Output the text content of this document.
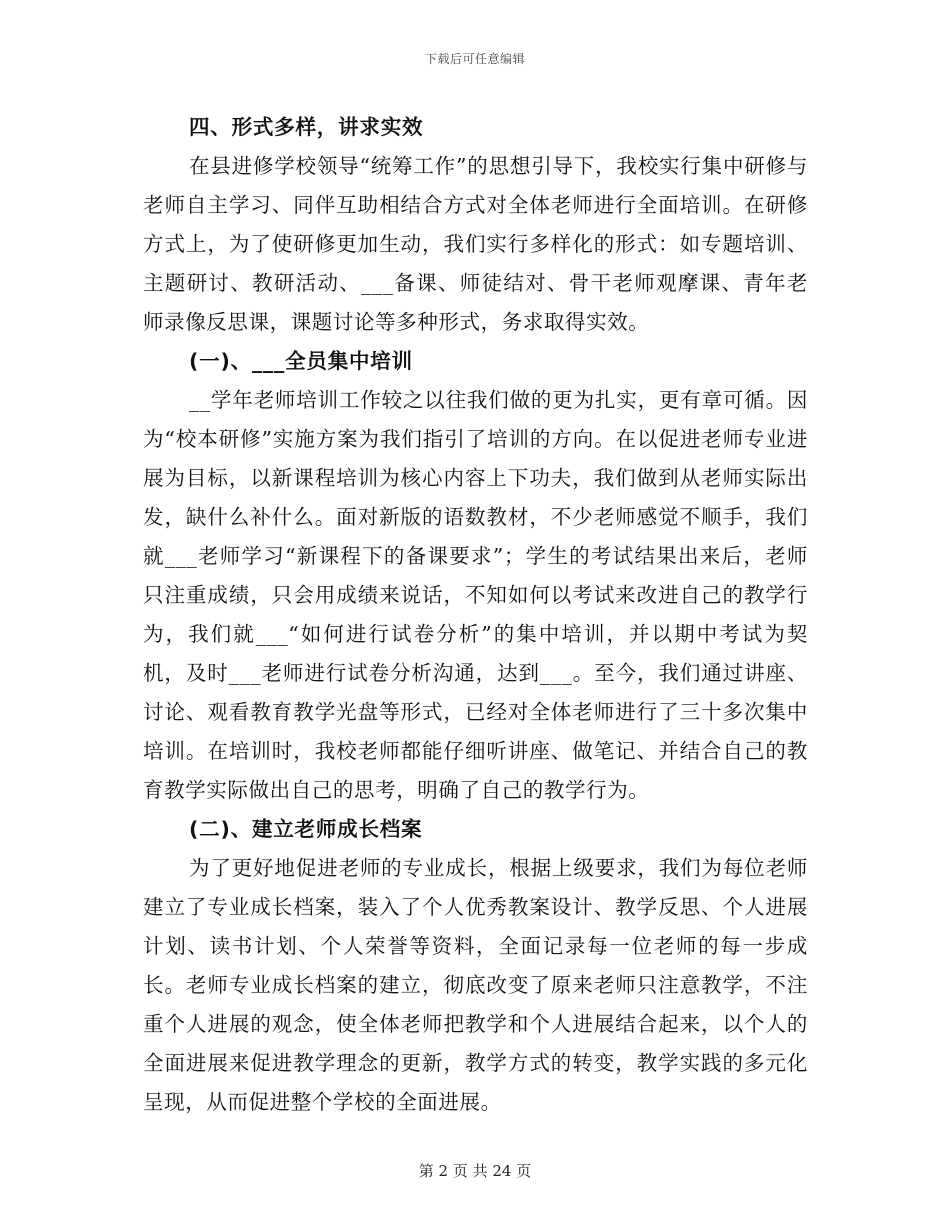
下载后可任意编辑
四、形式多样，讲求实效

在县进修学校领导“统筹工作”的思想引导下，我校实行集中研修与老师自主学习、同伴互助相结合方式对全体老师进行全面培训。在研修方式上，为了使研修更加生动，我们实行多样化的形式：如专题培训、主题研讨、教研活动、___备课、师徒结对、骨干老师观摩课、青年老师录像反思课，课题讨论等多种形式，务求取得实效。

(一)、___全员集中培训

__学年老师培训工作较之以往我们做的更为扎实，更有章可循。因为“校本研修”实施方案为我们指引了培训的方向。在以促进老师专业进展为目标，以新课程培训为核心内容上下功夫，我们做到从老师实际出发，缺什么补什么。面对新版的语数教材，不少老师感觉不顺手，我们就___老师学习“新课程下的备课要求”；学生的考试结果出来后，老师只注重成绩，只会用成绩来说话，不知如何以考试来改进自己的教学行为，我们就___“如何进行试卷分析”的集中培训，并以期中考试为契机，及时___老师进行试卷分析沟通，达到___。至今，我们通过讲座、讨论、观看教育教学光盘等形式，已经对全体老师进行了三十多次集中培训。在培训时，我校老师都能仔细听讲座、做笔记、并结合自己的教育教学实际做出自己的思考，明确了自己的教学行为。

(二)、建立老师成长档案

为了更好地促进老师的专业成长，根据上级要求，我们为每位老师建立了专业成长档案，装入了个人优秀教案设计、教学反思、个人进展计划、读书计划、个人荣誉等资料，全面记录每一位老师的每一步成长。老师专业成长档案的建立，彻底改变了原来老师只注意教学，不注重个人进展的观念，使全体老师把教学和个人进展结合起来，以个人的全面进展来促进教学理念的更新，教学方式的转变，教学实践的多元化呈现，从而促进整个学校的全面进展。

第 2 页 共 24 页
